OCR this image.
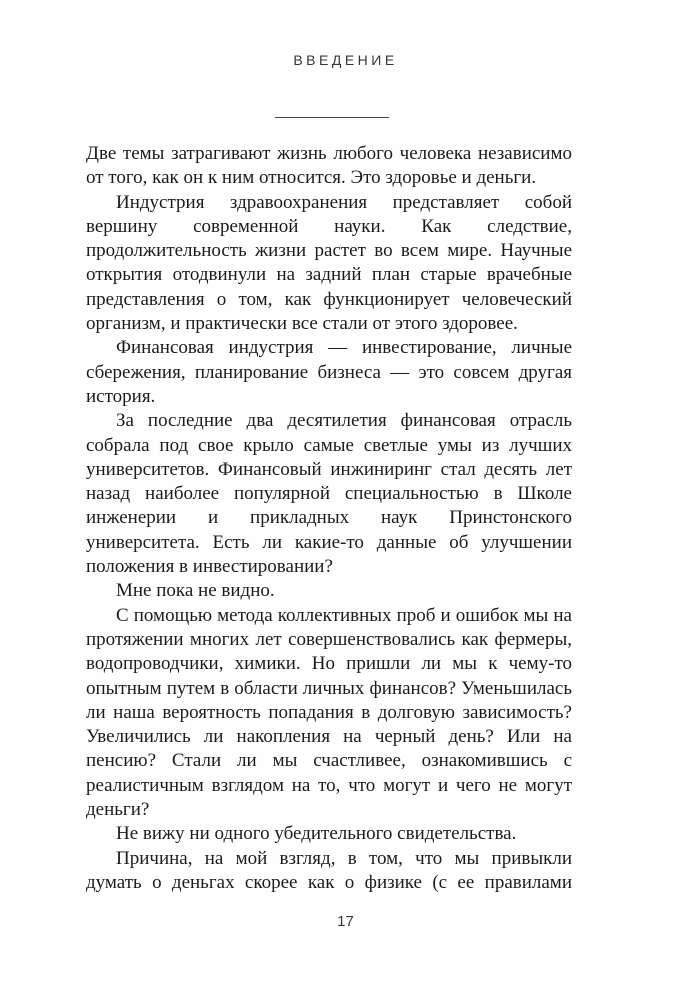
ВВЕДЕНИЕ

Две темы затрагивают жизнь любого человека независимо от того, как он к ним относится. Это здоровье и деньги.

Индустрия здравоохранения представляет собой вершину современной науки. Как следствие, продолжительность жизни растет во всем мире. Научные открытия отодвинули на задний план старые врачебные представления о том, как функционирует человеческий организм, и практически все стали от этого здоровее.

Финансовая индустрия — инвестирование, личные сбережения, планирование бизнеса — это совсем другая история.

За последние два десятилетия финансовая отрасль собрала под свое крыло самые светлые умы из лучших университетов. Финансовый инжиниринг стал десять лет назад наиболее популярной специальностью в Школе инженерии и прикладных наук Принстонского университета. Есть ли какие-то данные об улучшении положения в инвестировании?

Мне пока не видно.

С помощью метода коллективных проб и ошибок мы на протяжении многих лет совершенствовались как фермеры, водопроводчики, химики. Но пришли ли мы к чему-то опытным путем в области личных финансов? Уменьшилась ли наша вероятность попадания в долговую зависимость? Увеличились ли накопления на черный день? Или на пенсию? Стали ли мы счастливее, ознакомившись с реалистичным взглядом на то, что могут и чего не могут деньги?

Не вижу ни одного убедительного свидетельства.

Причина, на мой взгляд, в том, что мы привыкли думать о деньгах скорее как о физике (с ее правилами

17
